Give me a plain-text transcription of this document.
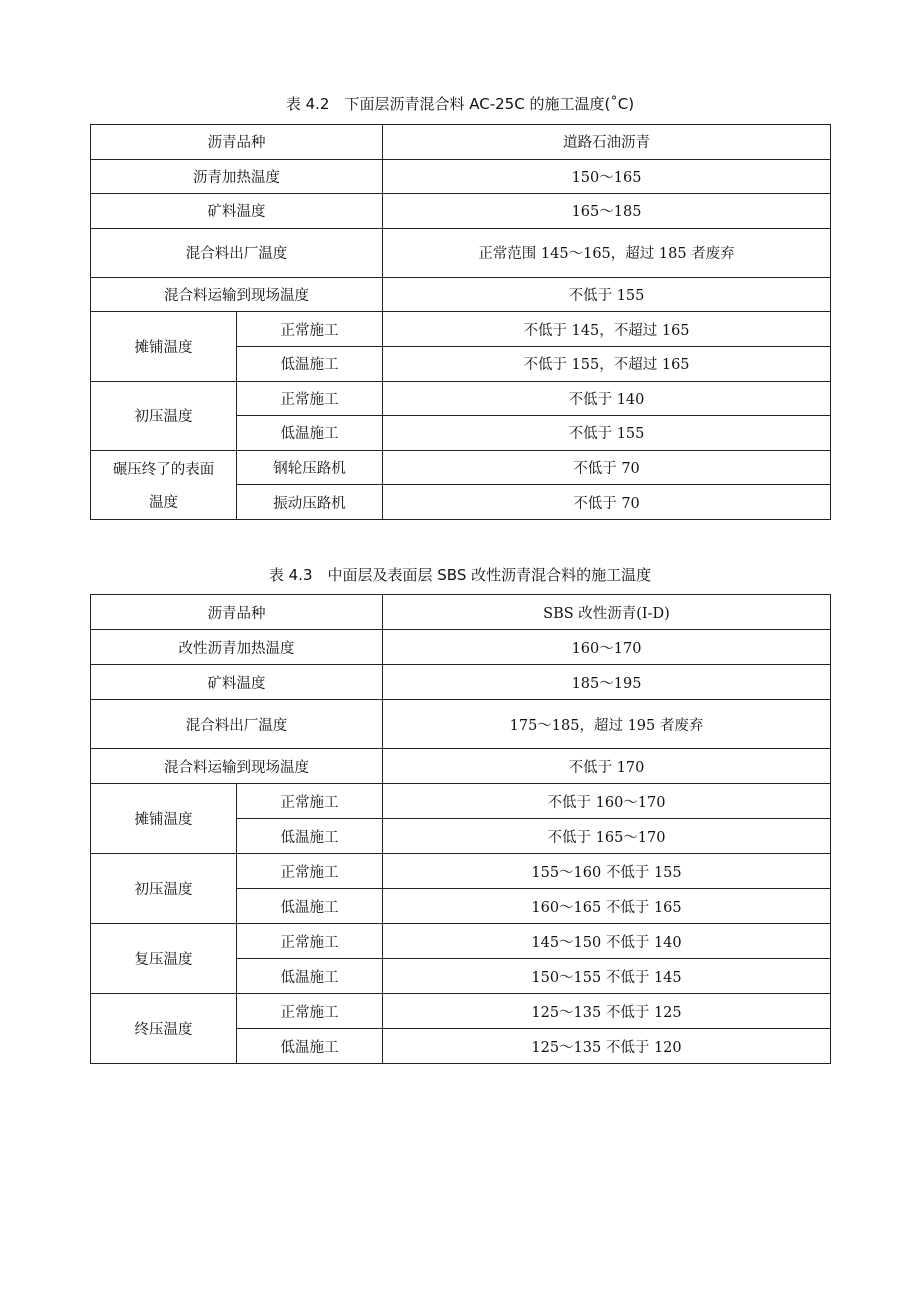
表 4.2　下面层沥青混合料 AC-25C 的施工温度(˚C)
沥青品种		道路石油沥青
沥青加热温度		150～165
矿料温度		165～185
混合料出厂温度		正常范围 145～165，超过 185 者废弃
混合料运输到现场温度		不低于 155
摊铺温度	正常施工	不低于 145，不超过 165
	低温施工	不低于 155，不超过 165
初压温度	正常施工	不低于 140
	低温施工	不低于 155

碾压终了的表面
温度	钢轮压路机	不低于 70
	振动压路机	不低于 70
表 4.3　中面层及表面层 SBS 改性沥青混合料的施工温度
沥青品种		SBS 改性沥青(I-D)
改性沥青加热温度		160～170
矿料温度		185～195
混合料出厂温度		175～185，超过 195 者废弃
混合料运输到现场温度		不低于 170
摊铺温度	正常施工	不低于 160～170
	低温施工	不低于 165～170
初压温度	正常施工	155～160 不低于 155
	低温施工	160～165 不低于 165
复压温度	正常施工	145～150 不低于 140
	低温施工	150～155 不低于 145
终压温度	正常施工	125～135 不低于 125
	低温施工	125～135 不低于 120
